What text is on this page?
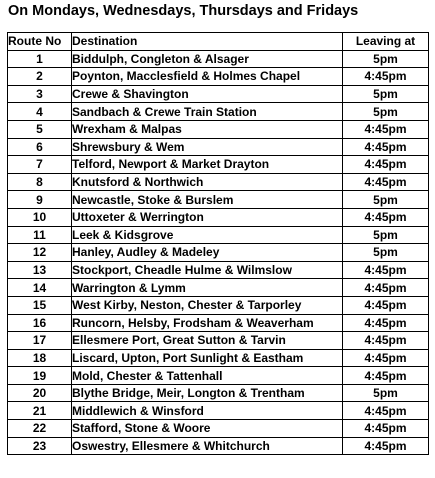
On Mondays, Wednesdays, Thursdays and Fridays
Route No	Destination	Leaving at
1	Biddulph, Congleton & Alsager	5pm
2	Poynton, Macclesfield & Holmes Chapel	4:45pm
3	Crewe & Shavington	5pm
4	Sandbach & Crewe Train Station	5pm
5	Wrexham & Malpas	4:45pm
6	Shrewsbury & Wem	4:45pm
7	Telford, Newport & Market Drayton	4:45pm
8	Knutsford & Northwich	4:45pm
9	Newcastle, Stoke & Burslem	5pm
10	Uttoxeter & Werrington	4:45pm
11	Leek & Kidsgrove	5pm
12	Hanley, Audley & Madeley	5pm
13	Stockport, Cheadle Hulme & Wilmslow	4:45pm
14	Warrington & Lymm	4:45pm
15	West Kirby, Neston, Chester & Tarporley	4:45pm
16	Runcorn, Helsby, Frodsham & Weaverham	4:45pm
17	Ellesmere Port, Great Sutton & Tarvin	4:45pm
18	Liscard, Upton, Port Sunlight & Eastham	4:45pm
19	Mold, Chester & Tattenhall	4:45pm
20	Blythe Bridge, Meir, Longton & Trentham	5pm
21	Middlewich & Winsford	4:45pm
22	Stafford, Stone & Woore	4:45pm
23	Oswestry, Ellesmere & Whitchurch	4:45pm
